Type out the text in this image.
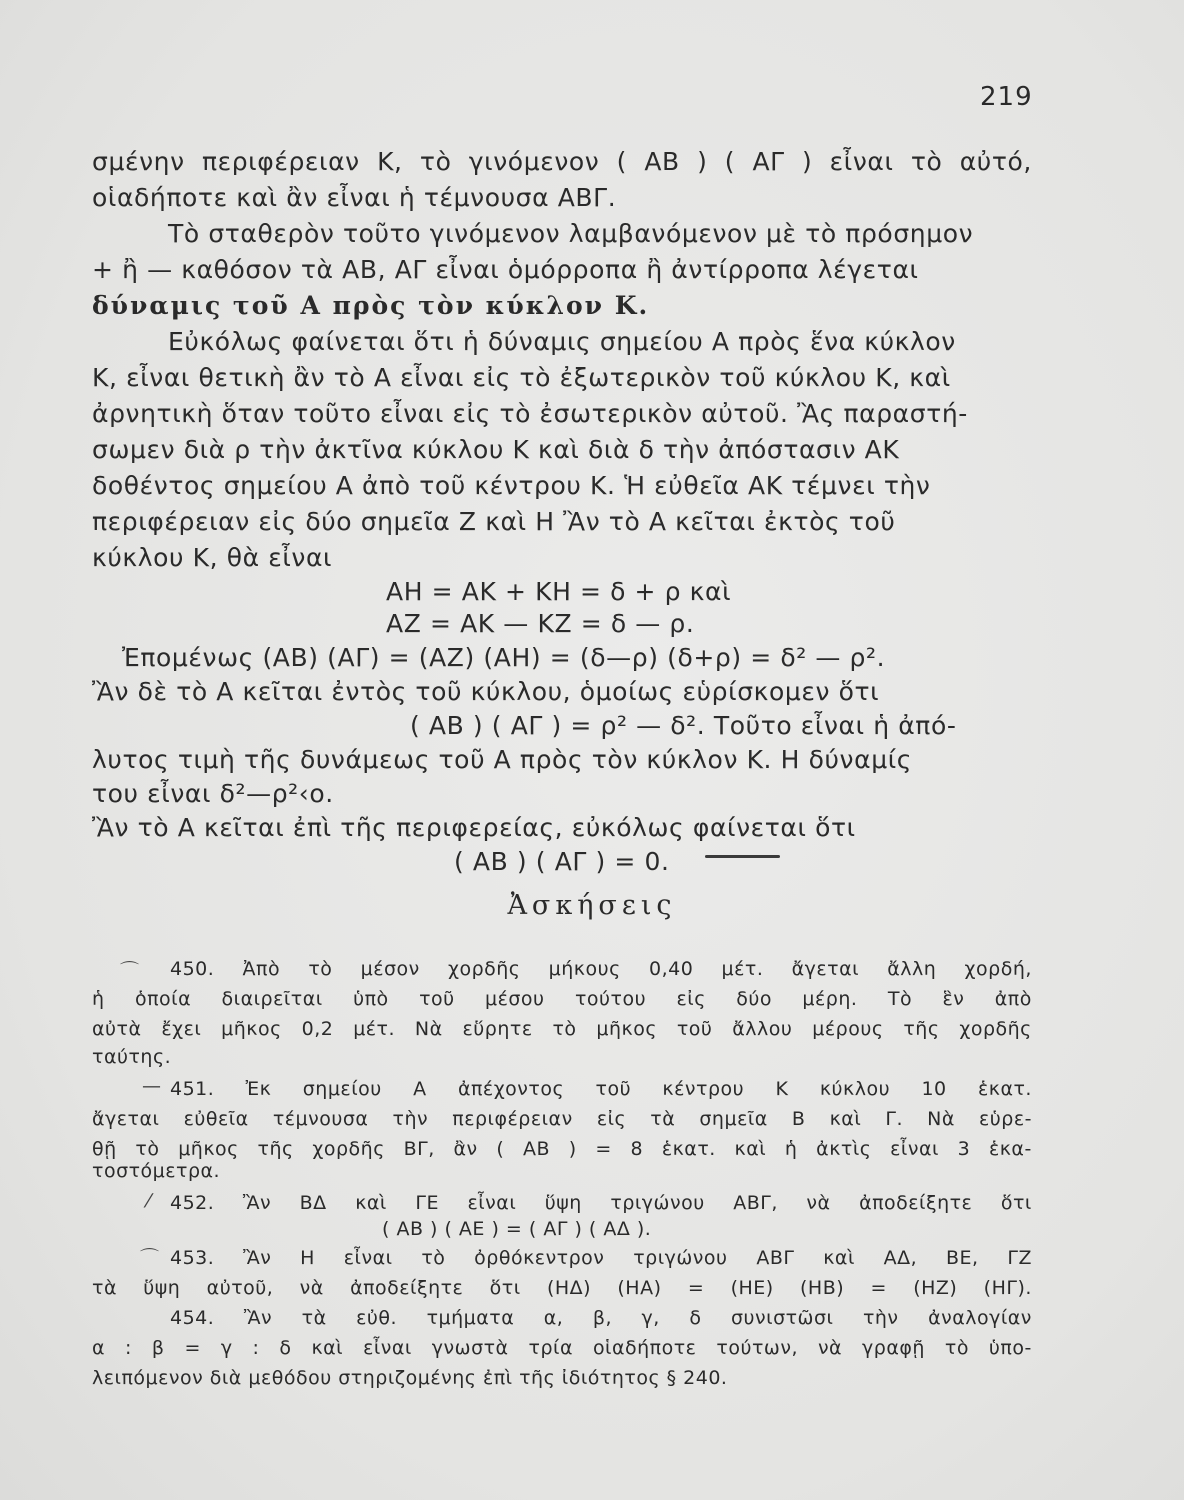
219
σμένην περιφέρειαν Κ, τὸ γινόμενον ( ΑΒ ) ( ΑΓ ) εἶναι τὸ αὐτό,
οἱαδήποτε καὶ ἂν εἶναι ἡ τέμνουσα ΑΒΓ.
Τὸ σταθερὸν τοῦτο γινόμενον λαμβανόμενον μὲ τὸ πρόσημον
+ ἢ — καθόσον τὰ ΑΒ, ΑΓ εἶναι ὁμόρροπα ἢ ἀντίρροπα λέγεται
δύναμις τοῦ Α πρὸς τὸν κύκλον Κ.
Εὐκόλως φαίνεται ὅτι ἡ δύναμις σημείου Α πρὸς ἕνα κύκλον
Κ, εἶναι θετικὴ ἂν τὸ Α εἶναι εἰς τὸ ἐξωτερικὸν τοῦ κύκλου Κ, καὶ
ἀρνητικὴ ὅταν τοῦτο εἶναι εἰς τὸ ἐσωτερικὸν αὐτοῦ. Ἂς παραστή-
σωμεν διὰ ρ τὴν ἀκτῖνα κύκλου Κ καὶ διὰ δ τὴν ἀπόστασιν ΑΚ
δοθέντος σημείου Α ἀπὸ τοῦ κέντρου Κ. Ἡ εὐθεῖα ΑΚ τέμνει τὴν
περιφέρειαν εἰς δύο σημεῖα Ζ καὶ Η Ἂν τὸ Α κεῖται ἐκτὸς τοῦ
κύκλου Κ, θὰ εἶναι
ΑΗ = ΑΚ + ΚΗ = δ + ρ καὶ
ΑΖ = ΑΚ — ΚΖ = δ — ρ.
Ἐπομένως (ΑΒ) (ΑΓ) = (ΑΖ) (ΑΗ) = (δ—ρ) (δ+ρ) = δ² — ρ².
Ἂν δὲ τὸ Α κεῖται ἐντὸς τοῦ κύκλου, ὁμοίως εὑρίσκομεν ὅτι
( ΑΒ ) ( ΑΓ ) = ρ² — δ². Τοῦτο εἶναι ἡ ἀπό-
λυτος τιμὴ τῆς δυνάμεως τοῦ Α πρὸς τὸν κύκλον Κ. Η δύναμίς
του εἶναι δ²—ρ²‹ο.
Ἂν τὸ Α κεῖται ἐπὶ τῆς περιφερείας, εὐκόλως φαίνεται ὅτι
( ΑΒ ) ( ΑΓ ) = 0.
Ἀσκήσεις
⌒
—
⁄
⌒
450. Ἀπὸ τὸ μέσον χορδῆς μήκους 0,40 μέτ. ἄγεται ἄλλη χορδή,
ἡ ὁποία διαιρεῖται ὑπὸ τοῦ μέσου τούτου εἰς δύο μέρη. Τὸ ἓν ἀπὸ
αὐτὰ ἔχει μῆκος 0,2 μέτ. Νὰ εὕρητε τὸ μῆκος τοῦ ἄλλου μέρους τῆς χορδῆς
ταύτης.
451. Ἐκ σημείου Α ἀπέχοντος τοῦ κέντρου Κ κύκλου 10 ἑκατ.
ἄγεται εὐθεῖα τέμνουσα τὴν περιφέρειαν εἰς τὰ σημεῖα Β καὶ Γ. Νὰ εὑρε-
θῇ τὸ μῆκος τῆς χορδῆς ΒΓ, ἂν ( ΑΒ ) = 8 ἑκατ. καὶ ἡ ἀκτὶς εἶναι 3 ἑκα-
τοστόμετρα.
452. Ἂν ΒΔ καὶ ΓΕ εἶναι ὕψη τριγώνου ΑΒΓ, νὰ ἀποδείξητε ὅτι
( ΑΒ ) ( ΑΕ ) = ( ΑΓ ) ( ΑΔ ).
453. Ἂν Η εἶναι τὸ ὀρθόκεντρον τριγώνου ΑΒΓ καὶ ΑΔ, ΒΕ, ΓΖ
τὰ ὕψη αὐτοῦ, νὰ ἀποδείξητε ὅτι (ΗΔ) (ΗΑ) = (ΗΕ) (ΗΒ) = (ΗΖ) (ΗΓ).
454. Ἂν τὰ εὐθ. τμήματα α, β, γ, δ συνιστῶσι τὴν ἀναλογίαν
α : β = γ : δ καὶ εἶναι γνωστὰ τρία οἱαδήποτε τούτων, νὰ γραφῇ τὸ ὑπο-
λειπόμενον διὰ μεθόδου στηριζομένης ἐπὶ τῆς ἰδιότητος § 240.
